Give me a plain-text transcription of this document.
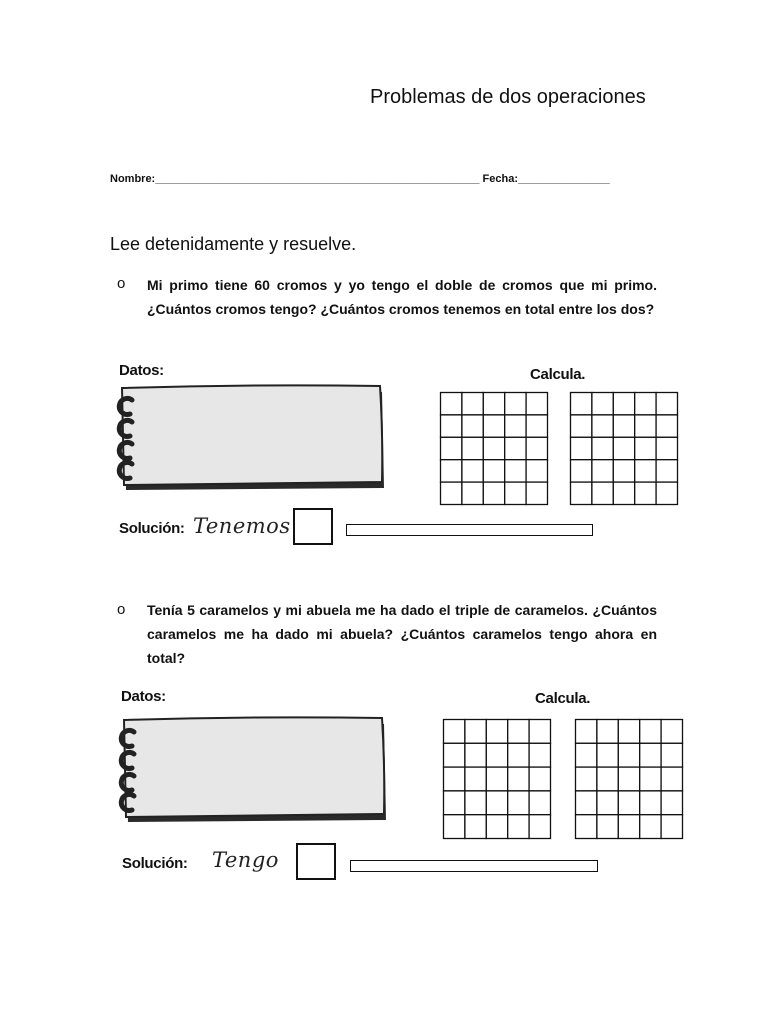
Problemas de dos operaciones
Nombre:_____________________________________________________ Fecha:_______________
Lee detenidamente y resuelve.
o Mi primo tiene 60 cromos y yo tengo el doble de cromos que mi primo. ¿Cuántos cromos tengo? ¿Cuántos cromos tenemos en total entre los dos?
Datos:	Calcula.
Solución: Tenemos
o Tenía 5 caramelos y mi abuela me ha dado el triple de caramelos. ¿Cuántos caramelos me ha dado mi abuela? ¿Cuántos caramelos tengo ahora en total?
Datos:	Calcula.
Solución: Tengo
